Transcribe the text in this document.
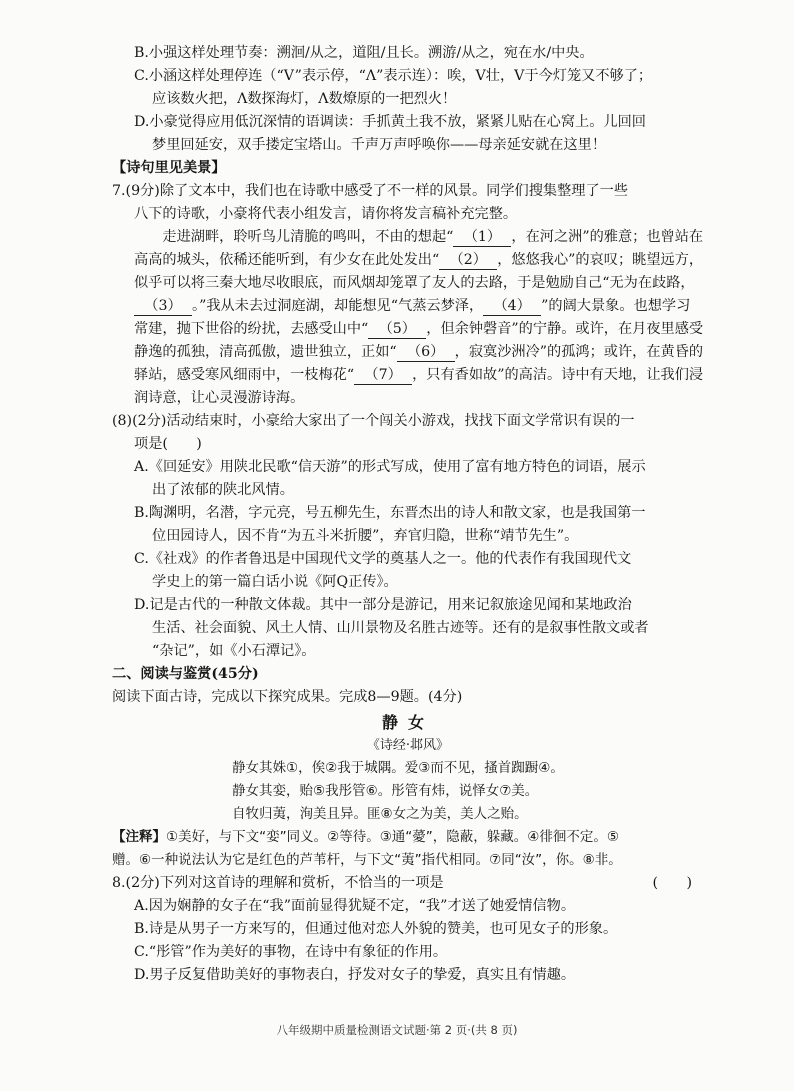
B.小强这样处理节奏：溯洄/从之，道阻/且长。溯游/从之，宛在水/中央。

C.小涵这样处理停连（“V”表示停，“Λ”表示连）：唉，V壮，V于今灯笼又不够了；

应该数火把，Λ数探海灯，Λ数燎原的一把烈火！

D.小豪觉得应用低沉深情的语调读：手抓黄土我不放，紧紧儿贴在心窝上。儿回回

梦里回延安，双手搂定宝塔山。千声万声呼唤你——母亲延安就在这里！

【诗句里见美景】

7.(9分)除了文本中，我们也在诗歌中感受了不一样的风景。同学们搜集整理了一些

八下的诗歌，小豪将代表小组发言，请你将发言稿补充完整。

走进湖畔，聆听鸟儿清脆的鸣叫，不由的想起“ （1） ，在河之洲”的雅意；也曾站在高高的城头，依稀还能听到，有少女在此处发出“ （2） ，悠悠我心”的哀叹；眺望远方，似乎可以将三秦大地尽收眼底，而风烟却笼罩了友人的去路，于是勉励自己“无为在歧路，（3） 。”我从未去过洞庭湖，却能想见“气蒸云梦泽， （4） ”的阔大景象。也想学习常建，抛下世俗的纷扰，去感受山中“ （5） ，但余钟磬音”的宁静。或许，在月夜里感受静逸的孤独，清高孤傲，遗世独立，正如“ （6） ，寂寞沙洲冷”的孤鸿；或许，在黄昏的驿站，感受寒风细雨中，一枝梅花“ （7） ，只有香如故”的高洁。诗中有天地，让我们浸润诗意，让心灵漫游诗海。

(8)(2分)活动结束时，小豪给大家出了一个闯关小游戏，找找下面文学常识有误的一

项是(　　)

A.《回延安》用陕北民歌“信天游”的形式写成，使用了富有地方特色的词语，展示

出了浓郁的陕北风情。

B.陶渊明，名潜，字元亮，号五柳先生，东晋杰出的诗人和散文家，也是我国第一

位田园诗人，因不肯“为五斗米折腰”，弃官归隐，世称“靖节先生”。

C.《社戏》的作者鲁迅是中国现代文学的奠基人之一。他的代表作有我国现代文

学史上的第一篇白话小说《阿Q正传》。

D.记是古代的一种散文体裁。其中一部分是游记，用来记叙旅途见闻和某地政治

生活、社会面貌、风土人情、山川景物及名胜古迹等。还有的是叙事性散文或者

“杂记”，如《小石潭记》。

二、阅读与鉴赏(45分)

阅读下面古诗，完成以下探究成果。完成8—9题。(4分)

静女

《诗经·邶风》

静女其姝①，俟②我于城隅。爱③而不见，搔首踟蹰④。

静女其娈，贻⑤我彤管⑥。彤管有炜，说怿女⑦美。

自牧归荑，洵美且异。匪⑧女之为美，美人之贻。

【注释】①美好，与下文“娈”同义。②等待。③通“薆”，隐蔽，躲藏。④徘徊不定。⑤

赠。⑥一种说法认为它是红色的芦苇杆，与下文“荑”指代相同。⑦同“汝”，你。⑧非。

8.(2分)下列对这首诗的理解和赏析，不恰当的一项是	(　　)

A.因为娴静的女子在“我”面前显得犹疑不定，“我”才送了她爱情信物。

B.诗是从男子一方来写的，但通过他对恋人外貌的赞美，也可见女子的形象。

C.“彤管”作为美好的事物，在诗中有象征的作用。

D.男子反复借助美好的事物表白，抒发对女子的挚爱，真实且有情趣。

八年级期中质量检测语文试题·第 2 页·(共 8 页)
